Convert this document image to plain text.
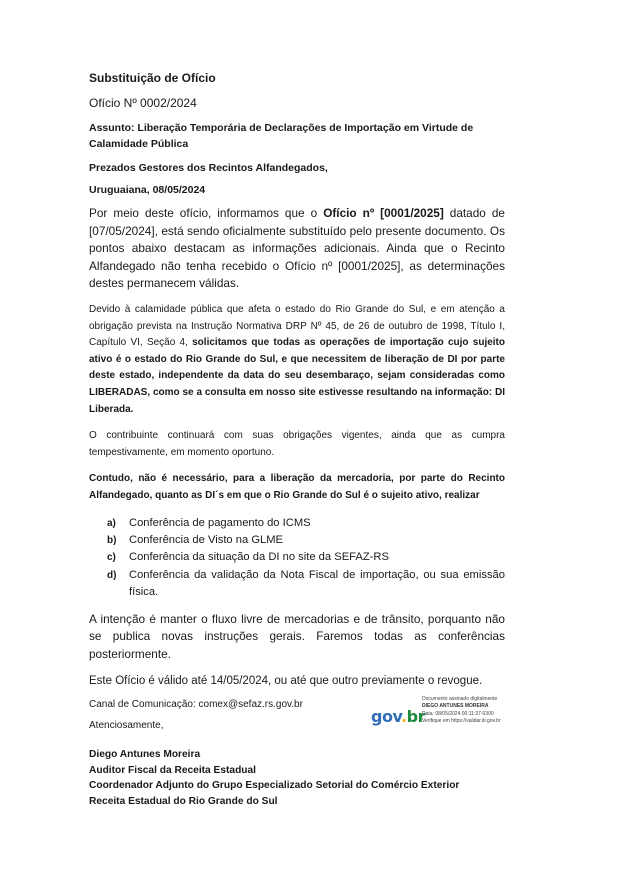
Substituição de Ofício

Ofício Nº 0002/2024

Assunto: Liberação Temporária de Declarações de Importação em Virtude de Calamidade Pública

Prezados Gestores dos Recintos Alfandegados,

Uruguaiana, 08/05/2024

Por meio deste ofício, informamos que o Ofício nº [0001/2025] datado de [07/05/2024], está sendo oficialmente substituído pelo presente documento. Os pontos abaixo destacam as informações adicionais. Ainda que o Recinto Alfandegado não tenha recebido o Ofício nº [0001/2025], as determinações destes permanecem válidas.

Devido à calamidade pública que afeta o estado do Rio Grande do Sul, e em atenção a obrigação prevista na Instrução Normativa DRP Nº 45, de 26 de outubro de 1998, Título I, Capítulo VI, Seção 4, solicitamos que todas as operações de importação cujo sujeito ativo é o estado do Rio Grande do Sul, e que necessitem de liberação de DI por parte deste estado, independente da data do seu desembaraço, sejam consideradas como LIBERADAS, como se a consulta em nosso site estivesse resultando na informação: DI Liberada.

O contribuinte continuará com suas obrigações vigentes, ainda que as cumpra tempestivamente, em momento oportuno.

Contudo, não é necessário, para a liberação da mercadoria, por parte do Recinto Alfandegado, quanto as DI´s em que o Rio Grande do Sul é o sujeito ativo, realizar

a)	Conferência de pagamento do ICMS
b)	Conferência de Visto na GLME
c)	Conferência da situação da DI no site da SEFAZ-RS
d)	Conferência da validação da Nota Fiscal de importação, ou sua emissão física.

A intenção é manter o fluxo livre de mercadorias e de trânsito, porquanto não se publica novas instruções gerais. Faremos todas as conferências posteriormente.

Este Ofício é válido até 14/05/2024, ou até que outro previamente o revogue.

Canal de Comunicação: comex@sefaz.rs.gov.br

Atenciosamente,

Diego Antunes Moreira

Auditor Fiscal da Receita Estadual

Coordenador Adjunto do Grupo Especializado Setorial do Comércio Exterior

Receita Estadual do Rio Grande do Sul

gov.br
Documento assinado digitalmente
DIEGO ANTUNES MOREIRA
Data: 08/05/2024 00:11:37-0300
Verifique em https://validar.iti.gov.br
